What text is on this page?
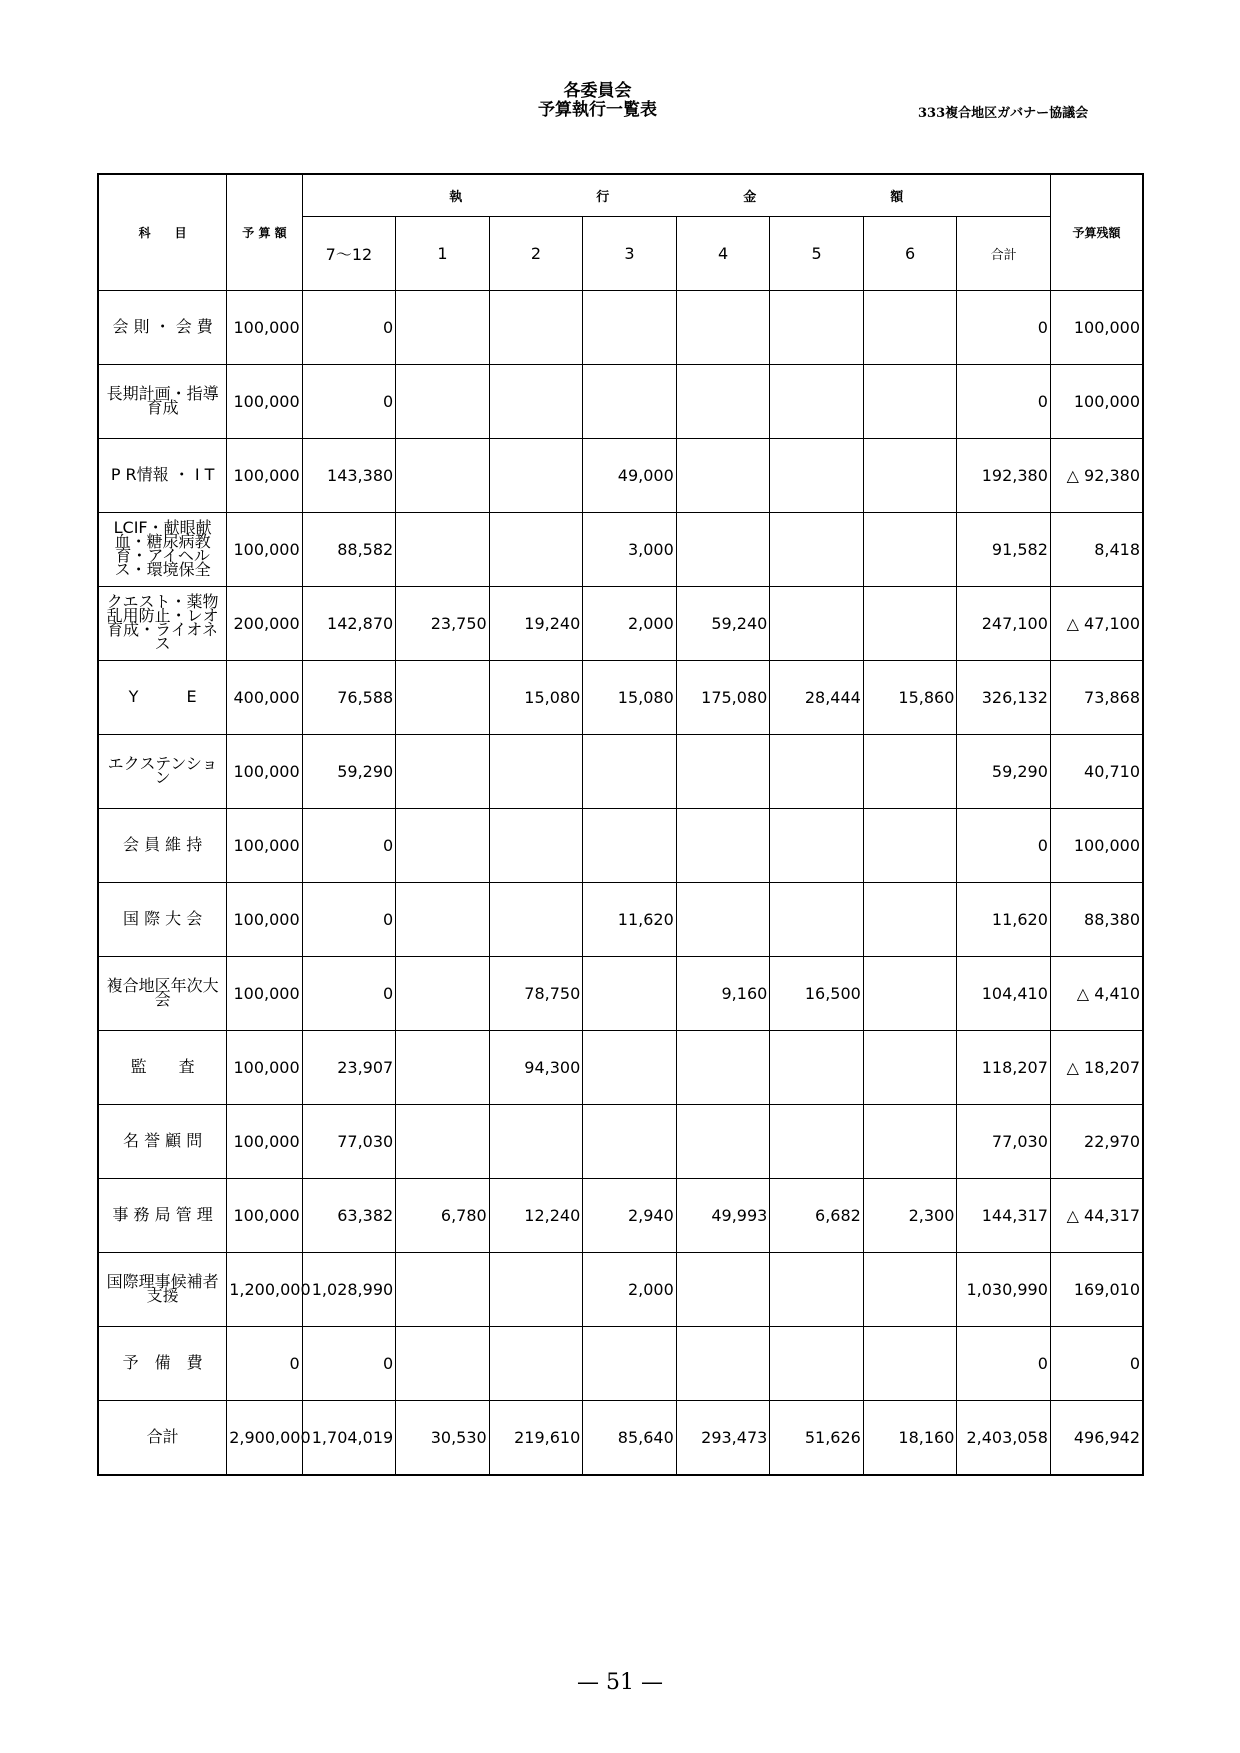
各委員会
予算執行一覧表	333複合地区ガバナー協議会
科　　目	予 算 額	執 行 金 額								予算残額
		7〜12	1	2	3	4	5	6	合計	
会 則 ・ 会 費	100,000	0							0	100,000
長期計画・指導育成	100,000	0							0	100,000
P R情報 ・ I T	100,000	143,380			49,000				192,380	△ 92,380
LCIF・献眼献血・糖尿病教育・アイヘルス・環境保全	100,000	88,582			3,000				91,582	8,418
クエスト・薬物乱用防止・レオ育成・ライオネス	200,000	142,870	23,750	19,240	2,000	59,240			247,100	△ 47,100
Y　　　E	400,000	76,588		15,080	15,080	175,080	28,444	15,860	326,132	73,868
エクステンション	100,000	59,290							59,290	40,710
会 員 維 持	100,000	0							0	100,000
国 際 大 会	100,000	0			11,620				11,620	88,380
複合地区年次大会	100,000	0		78,750		9,160	16,500		104,410	△ 4,410
監　　査	100,000	23,907		94,300					118,207	△ 18,207
名 誉 顧 問	100,000	77,030							77,030	22,970
事 務 局 管 理	100,000	63,382	6,780	12,240	2,940	49,993	6,682	2,300	144,317	△ 44,317
国際理事候補者支援	1,200,000	1,028,990			2,000				1,030,990	169,010
予　備　費	0	0							0	0
合計	2,900,000	1,704,019	30,530	219,610	85,640	293,473	51,626	18,160	2,403,058	496,942
— 51 —
